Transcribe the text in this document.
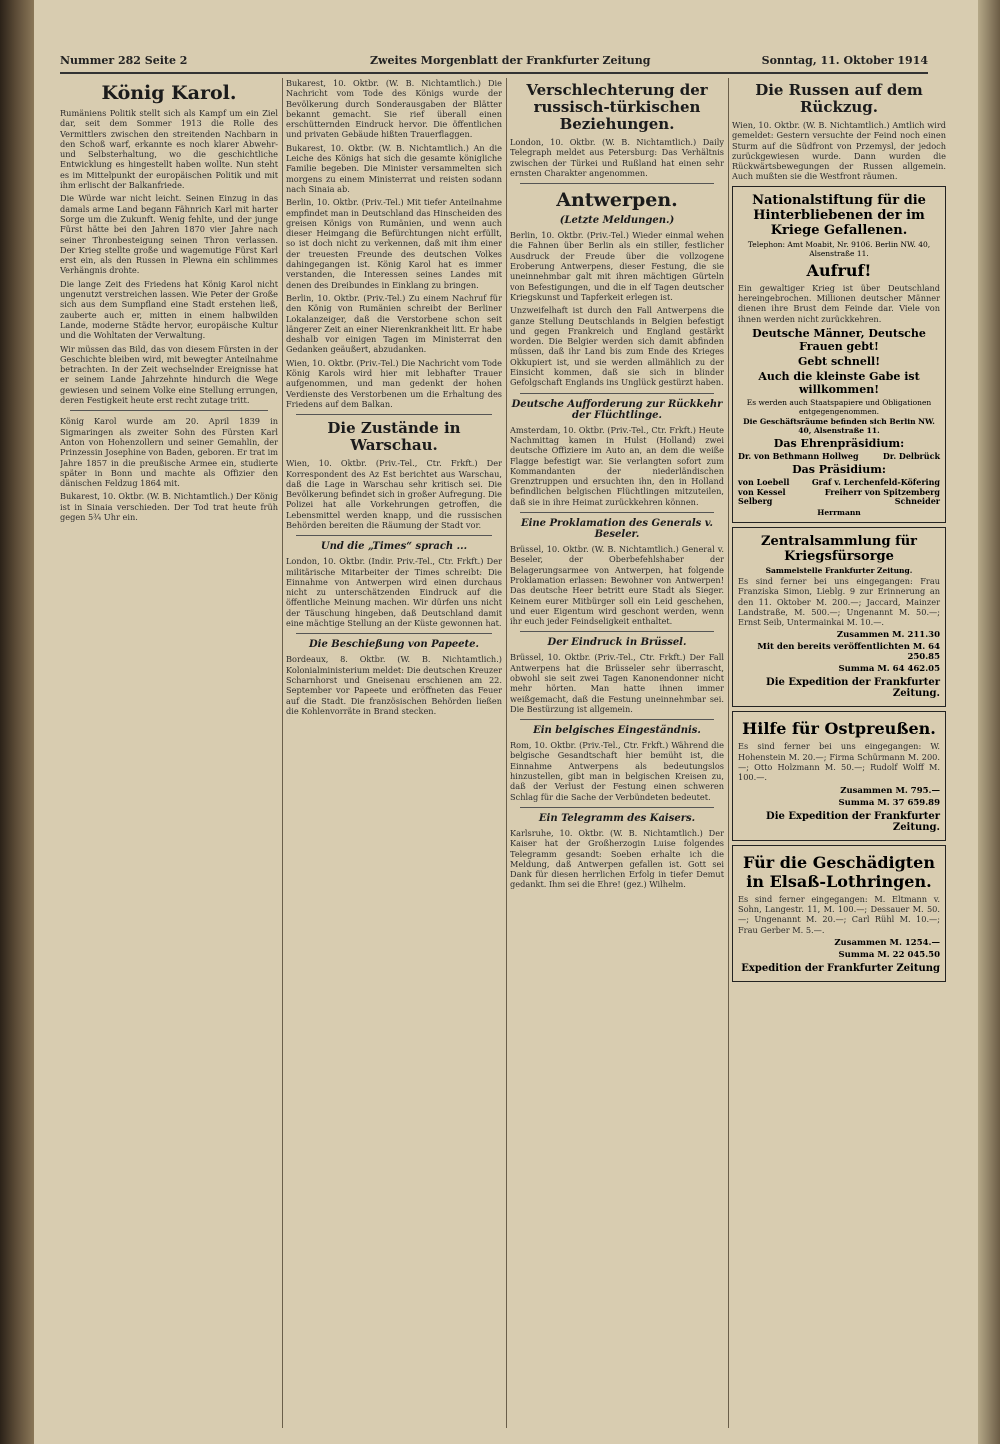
Nummer 282 Seite 2	Zweites Morgenblatt der Frankfurter Zeitung	Sonntag, 11. Oktober 1914
König Karol.

Rumäniens Politik stellt sich als Kampf um ein Ziel dar, seit dem Sommer 1913 die Rolle des Vermittlers zwischen den streitenden Nachbarn in den Schoß warf, erkannte es noch klarer Abwehr- und Selbsterhaltung, wo die geschichtliche Entwicklung es hingestellt haben wollte. Nun steht es im Mittelpunkt der europäischen Politik und mit ihm erlischt der Balkanfriede.

Die Würde war nicht leicht. Seinen Einzug in das damals arme Land begann Fähnrich Karl mit harter Sorge um die Zukunft. Wenig fehlte, und der junge Fürst hätte bei den Jahren 1870 vier Jahre nach seiner Thronbesteigung seinen Thron verlassen. Der Krieg stellte große und wagemutige Fürst Karl erst ein, als den Russen in Plewna ein schlimmes Verhängnis drohte.

Die lange Zeit des Friedens hat König Karol nicht ungenutzt verstreichen lassen. Wie Peter der Große sich aus dem Sumpfland eine Stadt erstehen ließ, zauberte auch er, mitten in einem halbwilden Lande, moderne Städte hervor, europäische Kultur und die Wohltaten der Verwaltung.

Wir müssen das Bild, das von diesem Fürsten in der Geschichte bleiben wird, mit bewegter Anteilnahme betrachten. In der Zeit wechselnder Ereignisse hat er seinem Lande Jahrzehnte hindurch die Wege gewiesen und seinem Volke eine Stellung errungen, deren Festigkeit heute erst recht zutage tritt.

König Karol wurde am 20. April 1839 in Sigmaringen als zweiter Sohn des Fürsten Karl Anton von Hohenzollern und seiner Gemahlin, der Prinzessin Josephine von Baden, geboren. Er trat im Jahre 1857 in die preußische Armee ein, studierte später in Bonn und machte als Offizier den dänischen Feldzug 1864 mit.

Bukarest, 10. Oktbr. (W. B. Nichtamtlich.) Der König ist in Sinaia verschieden. Der Tod trat heute früh gegen 5¾ Uhr ein.

Bukarest, 10. Oktbr. (W. B. Nichtamtlich.) Die Nachricht vom Tode des Königs wurde der Bevölkerung durch Sonderausgaben der Blätter bekannt gemacht. Sie rief überall einen erschütternden Eindruck hervor. Die öffentlichen und privaten Gebäude hißten Trauerflaggen.

Bukarest, 10. Oktbr. (W. B. Nichtamtlich.) An die Leiche des Königs hat sich die gesamte königliche Familie begeben. Die Minister versammelten sich morgens zu einem Ministerrat und reisten sodann nach Sinaia ab.

Berlin, 10. Oktbr. (Priv.-Tel.) Mit tiefer Anteilnahme empfindet man in Deutschland das Hinscheiden des greisen Königs von Rumänien, und wenn auch dieser Heimgang die Befürchtungen nicht erfüllt, so ist doch nicht zu verkennen, daß mit ihm einer der treuesten Freunde des deutschen Volkes dahingegangen ist. König Karol hat es immer verstanden, die Interessen seines Landes mit denen des Dreibundes in Einklang zu bringen.

Berlin, 10. Oktbr. (Priv.-Tel.) Zu einem Nachruf für den König von Rumänien schreibt der Berliner Lokalanzeiger, daß die Verstorbene schon seit längerer Zeit an einer Nierenkrankheit litt. Er habe deshalb vor einigen Tagen im Ministerrat den Gedanken geäußert, abzudanken.

Wien, 10. Oktbr. (Priv.-Tel.) Die Nachricht vom Tode König Karols wird hier mit lebhafter Trauer aufgenommen, und man gedenkt der hohen Verdienste des Verstorbenen um die Erhaltung des Friedens auf dem Balkan.

Die Zustände in Warschau.

Wien, 10. Oktbr. (Priv.-Tel., Ctr. Frkft.) Der Korrespondent des Az Est berichtet aus Warschau, daß die Lage in Warschau sehr kritisch sei. Die Bevölkerung befindet sich in großer Aufregung. Die Polizei hat alle Vorkehrungen getroffen, die Lebensmittel werden knapp, und die russischen Behörden bereiten die Räumung der Stadt vor.

Und die „Times“ sprach ...

London, 10. Oktbr. (Indir. Priv.-Tel., Ctr. Frkft.) Der militärische Mitarbeiter der Times schreibt: Die Einnahme von Antwerpen wird einen durchaus nicht zu unterschätzenden Eindruck auf die öffentliche Meinung machen. Wir dürfen uns nicht der Täuschung hingeben, daß Deutschland damit eine mächtige Stellung an der Küste gewonnen hat.

Die Beschießung von Papeete.

Bordeaux, 8. Oktbr. (W. B. Nichtamtlich.) Kolonialministerium meldet: Die deutschen Kreuzer Scharnhorst und Gneisenau erschienen am 22. September vor Papeete und eröffneten das Feuer auf die Stadt. Die französischen Behörden ließen die Kohlenvorräte in Brand stecken.

Verschlechterung der russisch-türkischen Beziehungen.

London, 10. Oktbr. (W. B. Nichtamtlich.) Daily Telegraph meldet aus Petersburg: Das Verhältnis zwischen der Türkei und Rußland hat einen sehr ernsten Charakter angenommen.

Antwerpen.
(Letzte Meldungen.)

Berlin, 10. Oktbr. (Priv.-Tel.) Wieder einmal wehen die Fahnen über Berlin als ein stiller, festlicher Ausdruck der Freude über die vollzogene Eroberung Antwerpens, dieser Festung, die sie uneinnehmbar galt mit ihren mächtigen Gürteln von Befestigungen, und die in elf Tagen deutscher Kriegskunst und Tapferkeit erlegen ist.

Unzweifelhaft ist durch den Fall Antwerpens die ganze Stellung Deutschlands in Belgien befestigt und gegen Frankreich und England gestärkt worden. Die Belgier werden sich damit abfinden müssen, daß ihr Land bis zum Ende des Krieges Okkupiert ist, und sie werden allmählich zu der Einsicht kommen, daß sie sich in blinder Gefolgschaft Englands ins Unglück gestürzt haben.

Deutsche Aufforderung zur Rückkehr der Flüchtlinge.

Amsterdam, 10. Oktbr. (Priv.-Tel., Ctr. Frkft.) Heute Nachmittag kamen in Hulst (Holland) zwei deutsche Offiziere im Auto an, an dem die weiße Flagge befestigt war. Sie verlangten sofort zum Kommandanten der niederländischen Grenztruppen und ersuchten ihn, den in Holland befindlichen belgischen Flüchtlingen mitzuteilen, daß sie in ihre Heimat zurückkehren können.

Eine Proklamation des Generals v. Beseler.

Brüssel, 10. Oktbr. (W. B. Nichtamtlich.) General v. Beseler, der Oberbefehlshaber der Belagerungsarmee von Antwerpen, hat folgende Proklamation erlassen: Bewohner von Antwerpen! Das deutsche Heer betritt eure Stadt als Sieger. Keinem eurer Mitbürger soll ein Leid geschehen, und euer Eigentum wird geschont werden, wenn ihr euch jeder Feindseligkeit enthaltet.

Der Eindruck in Brüssel.

Brüssel, 10. Oktbr. (Priv.-Tel., Ctr. Frkft.) Der Fall Antwerpens hat die Brüsseler sehr überrascht, obwohl sie seit zwei Tagen Kanonendonner nicht mehr hörten. Man hatte ihnen immer weißgemacht, daß die Festung uneinnehmbar sei. Die Bestürzung ist allgemein.

Ein belgisches Eingeständnis.

Rom, 10. Oktbr. (Priv.-Tel., Ctr. Frkft.) Während die belgische Gesandtschaft hier bemüht ist, die Einnahme Antwerpens als bedeutungslos hinzustellen, gibt man in belgischen Kreisen zu, daß der Verlust der Festung einen schweren Schlag für die Sache der Verbündeten bedeutet.

Ein Telegramm des Kaisers.

Karlsruhe, 10. Oktbr. (W. B. Nichtamtlich.) Der Kaiser hat der Großherzogin Luise folgendes Telegramm gesandt: Soeben erhalte ich die Meldung, daß Antwerpen gefallen ist. Gott sei Dank für diesen herrlichen Erfolg in tiefer Demut gedankt. Ihm sei die Ehre! (gez.) Wilhelm.

Die Russen auf dem Rückzug.

Wien, 10. Oktbr. (W. B. Nichtamtlich.) Amtlich wird gemeldet: Gestern versuchte der Feind noch einen Sturm auf die Südfront von Przemysl, der jedoch zurückgewiesen wurde. Dann wurden die Rückwärtsbewegungen der Russen allgemein. Auch mußten sie die Westfront räumen.

Nationalstiftung für die Hinterbliebenen der im Kriege Gefallenen.
Telephon: Amt Moabit, Nr. 9106. Berlin NW. 40, Alsenstraße 11.
Aufruf!

Ein gewaltiger Krieg ist über Deutschland hereingebrochen. Millionen deutscher Männer dienen ihre Brust dem Feinde dar. Viele von ihnen werden nicht zurückkehren.

Deutsche Männer, Deutsche Frauen gebt!
Gebt schnell!
Auch die kleinste Gabe ist willkommen!
Es werden auch Staatspapiere und Obligationen entgegengenommen.
Die Geschäftsräume befinden sich Berlin NW. 40, Alsenstraße 11.
Das Ehrenpräsidium:
Dr. von Bethmann Hollweg	Dr. Delbrück
Das Präsidium:
von Loebell	Graf v. Lerchenfeld-Köfering
von Kessel	Freiherr von Spitzemberg
Selberg	Schneider
Herrmann
Zentralsammlung für Kriegsfürsorge
Sammelstelle Frankfurter Zeitung.

Es sind ferner bei uns eingegangen: Frau Franziska Simon, Lieblg. 9 zur Erinnerung an den 11. Oktober M. 200.—; Jaccard, Mainzer Landstraße, M. 500.—; Ungenannt M. 50.—; Ernst Seib, Untermainkai M. 10.—.

Zusammen M. 211.30
Mit den bereits veröffentlichten M. 64 250.85
Summa M. 64 462.05
Die Expedition der Frankfurter Zeitung.
Hilfe für Ostpreußen.

Es sind ferner bei uns eingegangen: W. Hohenstein M. 20.—; Firma Schürmann M. 200.—; Otto Holzmann M. 50.—; Rudolf Wolff M. 100.—.

Zusammen M. 795.—
Summa M. 37 659.89
Die Expedition der Frankfurter Zeitung.
Für die Geschädigten in Elsaß-Lothringen.

Es sind ferner eingegangen: M. Eltmann v. Sohn, Langestr. 11, M. 100.—; Dessauer M. 50.—; Ungenannt M. 20.—; Carl Rühl M. 10.—; Frau Gerber M. 5.—.

Zusammen M. 1254.—
Summa M. 22 045.50
Expedition der Frankfurter Zeitung
